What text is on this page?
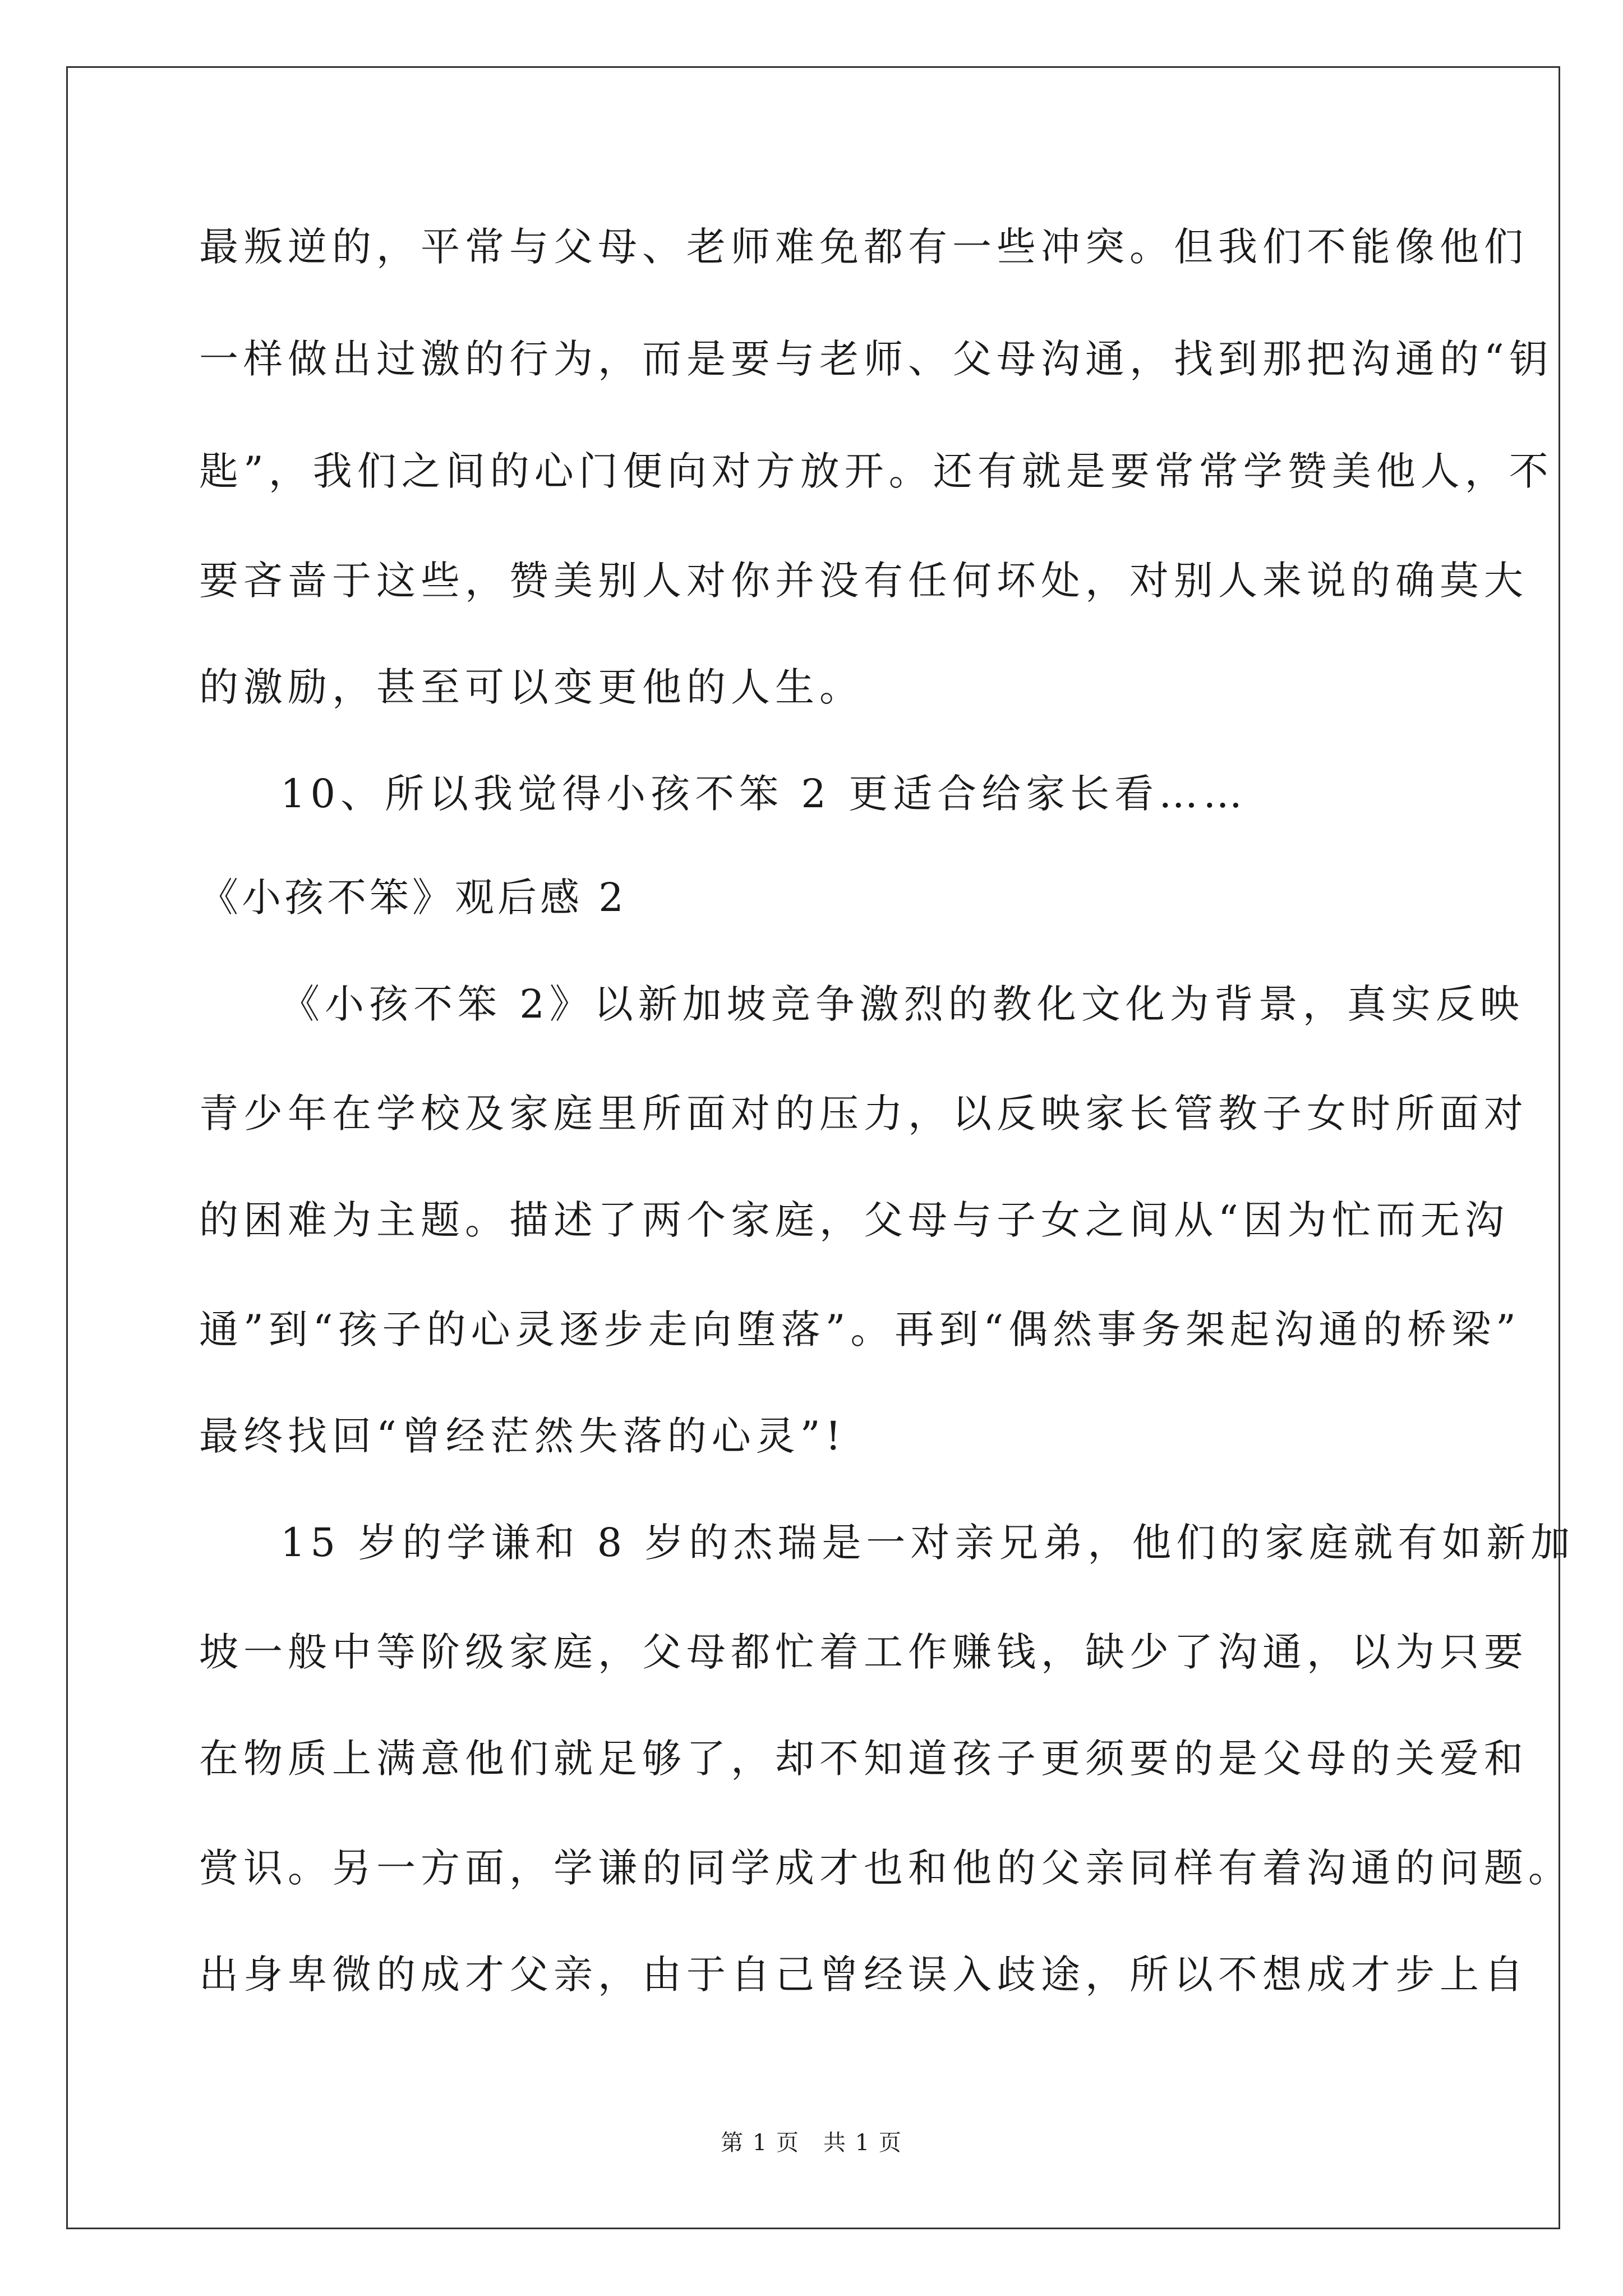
最叛逆的，平常与父母、老师难免都有一些冲突。但我们不能像他们
一样做出过激的行为，而是要与老师、父母沟通，找到那把沟通的“钥
匙”，我们之间的心门便向对方放开。还有就是要常常学赞美他人，不
要吝啬于这些，赞美别人对你并没有任何坏处，对别人来说的确莫大
的激励，甚至可以变更他的人生。
10、所以我觉得小孩不笨 2 更适合给家长看……
《小孩不笨》观后感 2
《小孩不笨 2》以新加坡竞争激烈的教化文化为背景，真实反映
青少年在学校及家庭里所面对的压力，以反映家长管教子女时所面对
的困难为主题。描述了两个家庭，父母与子女之间从“因为忙而无沟
通”到“孩子的心灵逐步走向堕落”。再到“偶然事务架起沟通的桥梁”
最终找回“曾经茫然失落的心灵”!
15 岁的学谦和 8 岁的杰瑞是一对亲兄弟，他们的家庭就有如新加
坡一般中等阶级家庭，父母都忙着工作赚钱，缺少了沟通，以为只要
在物质上满意他们就足够了，却不知道孩子更须要的是父母的关爱和
赏识。另一方面，学谦的同学成才也和他的父亲同样有着沟通的问题。
出身卑微的成才父亲，由于自己曾经误入歧途，所以不想成才步上自
第 1 页　共 1 页
